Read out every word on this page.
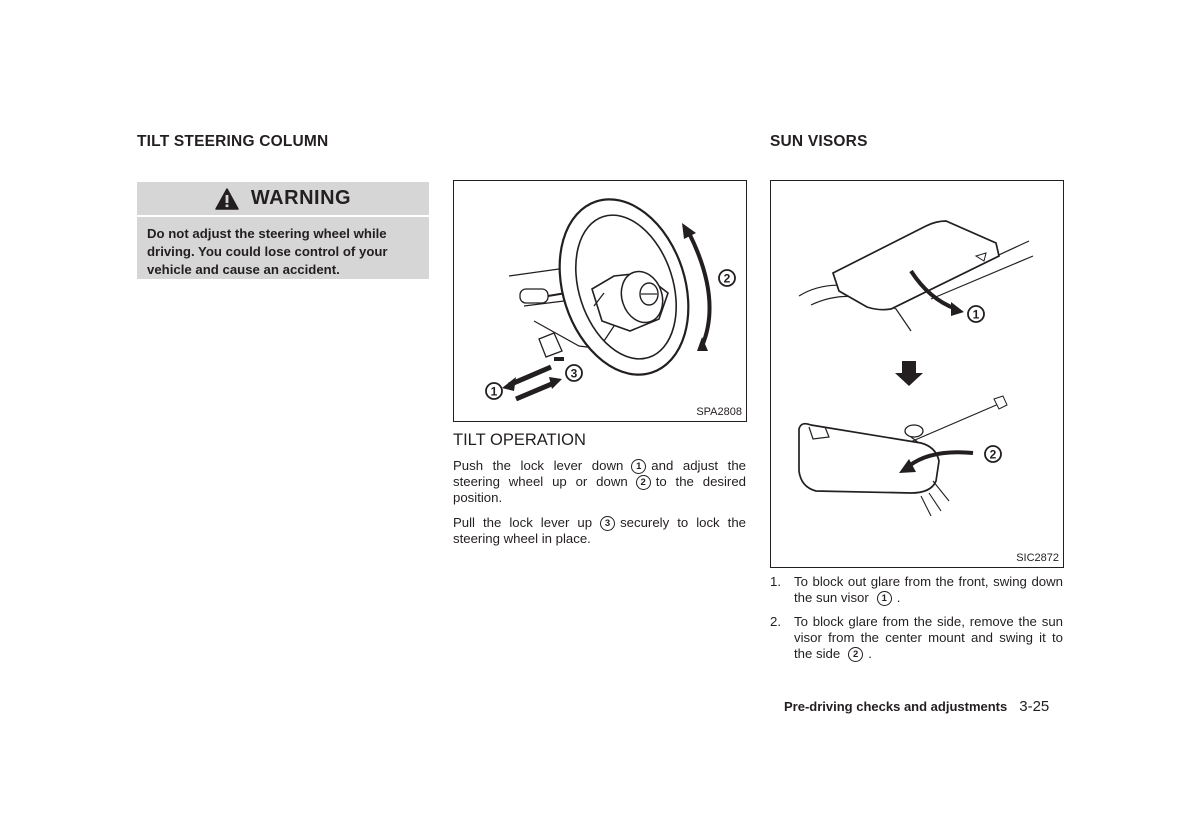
TILT STEERING COLUMN
WARNING
Do not adjust the steering wheel while driving. You could lose control of your vehicle and cause an accident.
1
2
3
SPA2808
TILT OPERATION
Push the lock lever down 1 and adjust the steering wheel up or down 2 to the desired position.
Pull the lock lever up 3 securely to lock the steering wheel in place.
SUN VISORS
1
2
SIC2872
1. To block out glare from the front, swing down the sun visor 1 .
2. To block glare from the side, remove the sun visor from the center mount and swing it to the side 2 .
Pre-driving checks and adjustments 3-25
